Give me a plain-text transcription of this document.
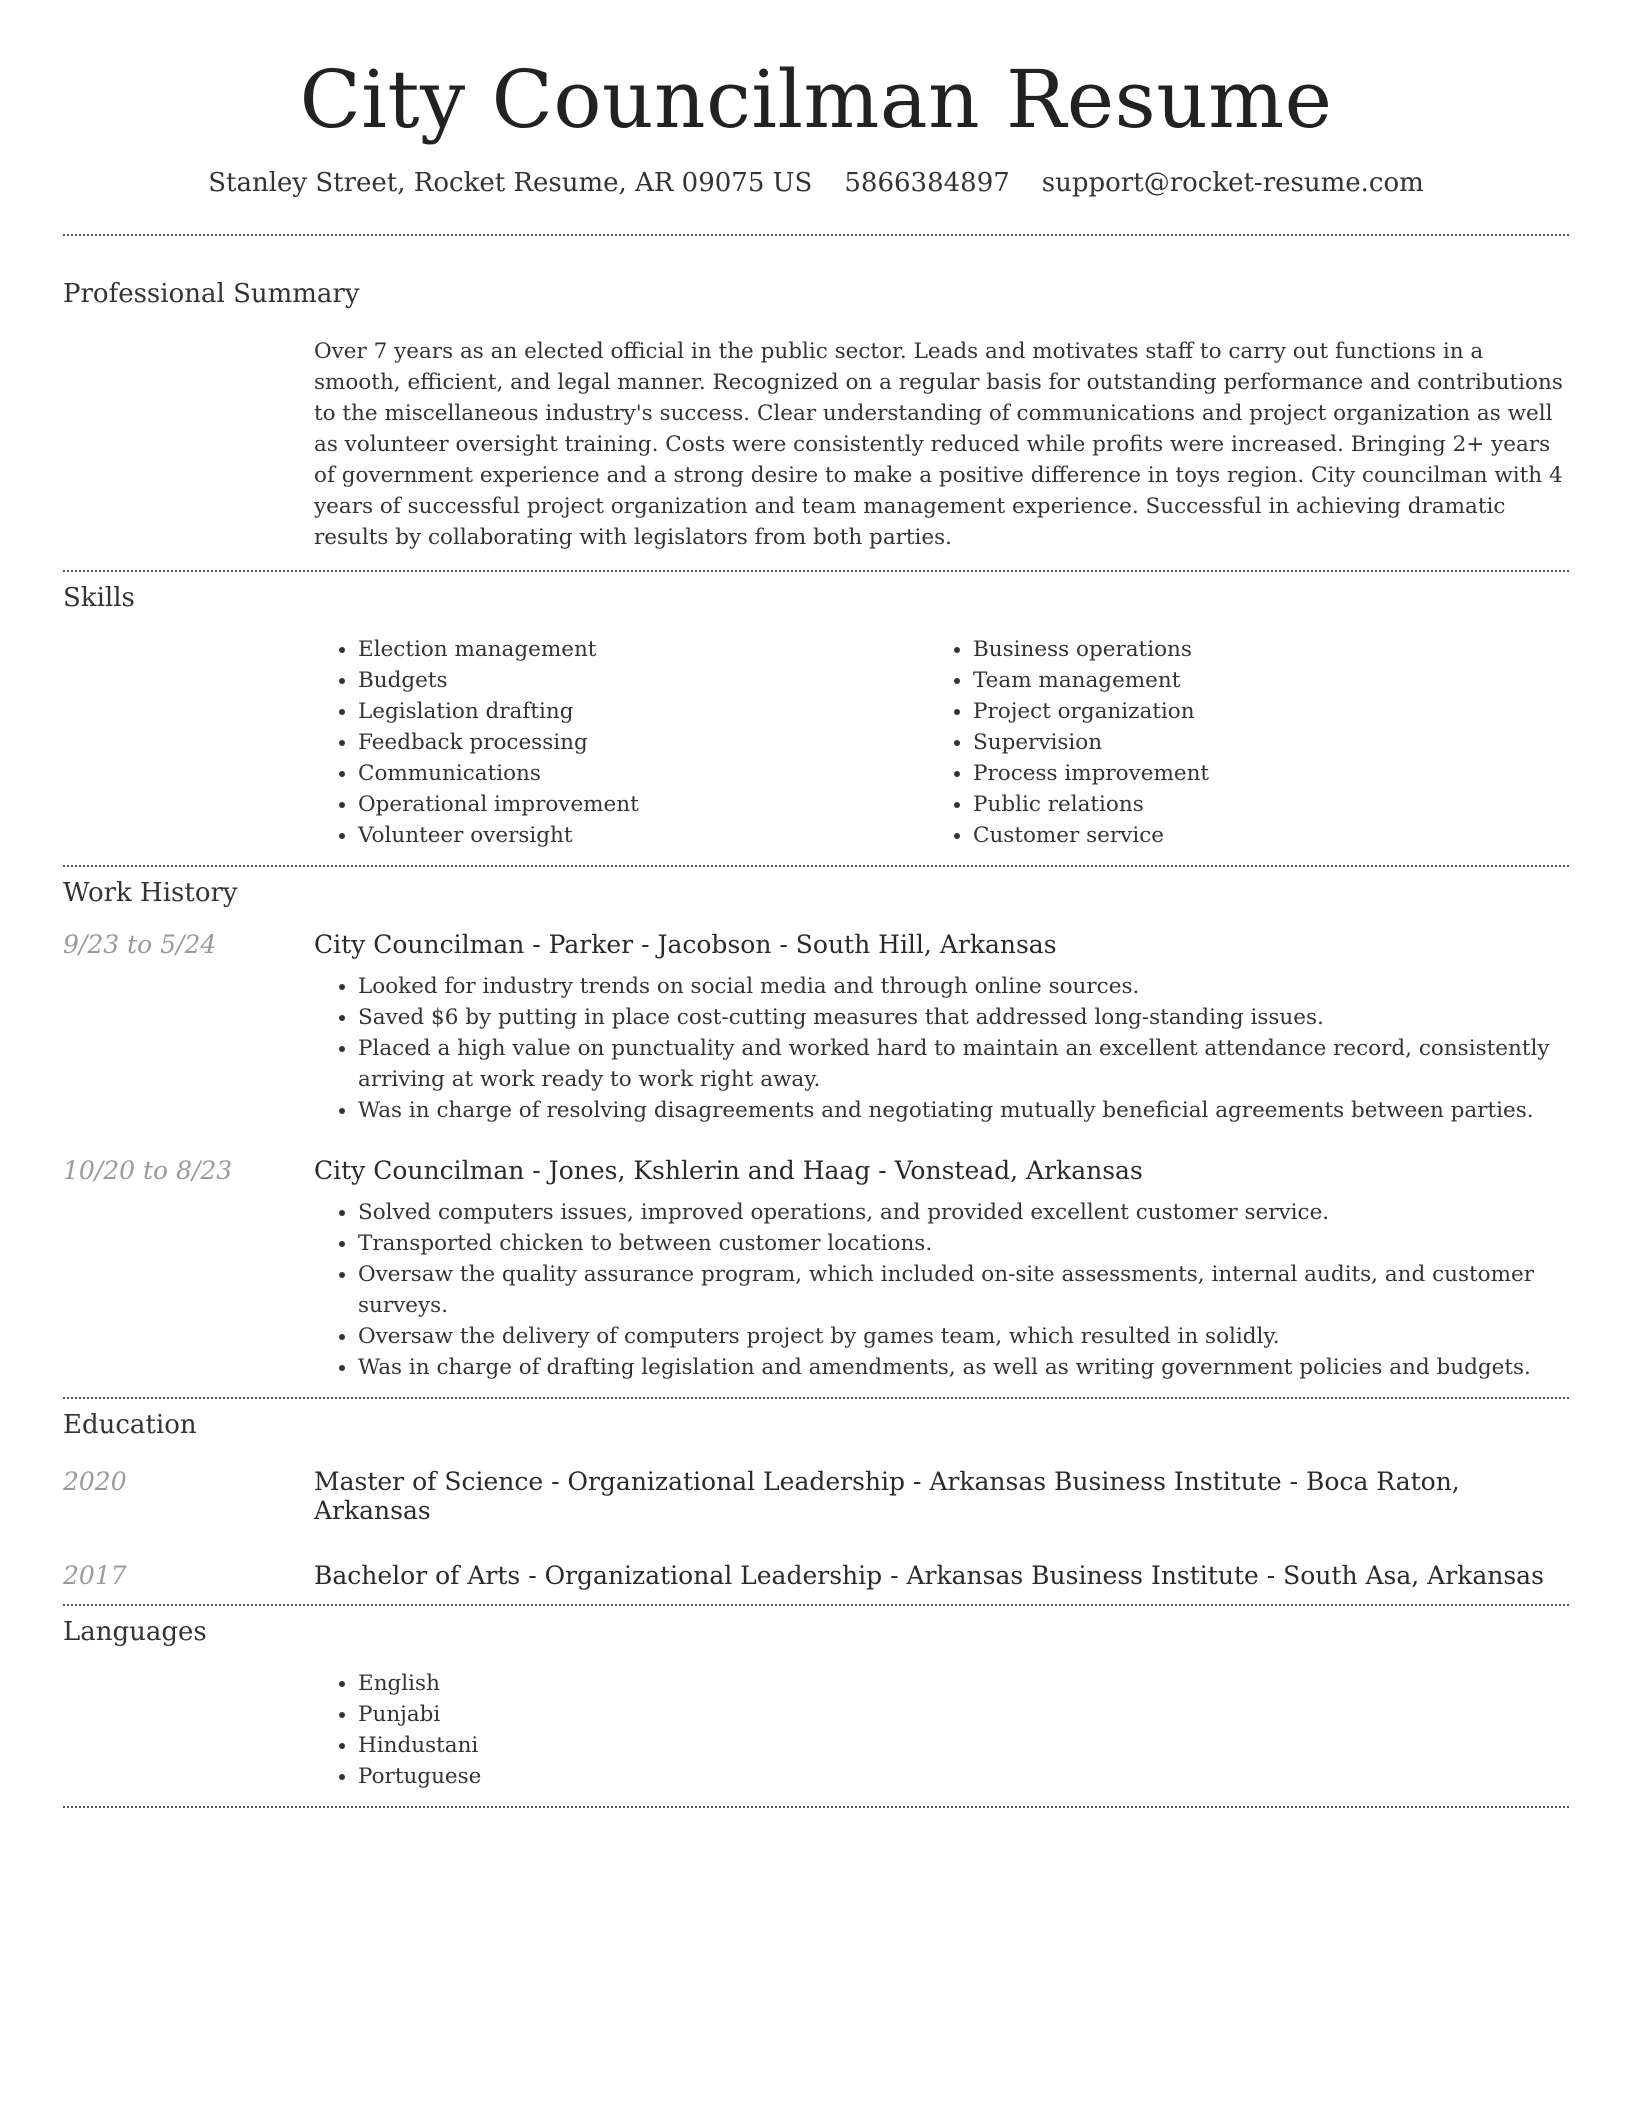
City Councilman Resume
Stanley Street, Rocket Resume, AR 09075 US 5866384897 support@rocket-resume.com
Professional Summary

Over 7 years as an elected official in the public sector. Leads and motivates staff to carry out functions in a smooth, efficient, and legal manner. Recognized on a regular basis for outstanding performance and contributions to the miscellaneous industry's success. Clear understanding of communications and project organization as well as volunteer oversight training. Costs were consistently reduced while profits were increased. Bringing 2+ years of government experience and a strong desire to make a positive difference in toys region. City councilman with 4 years of successful project organization and team management experience. Successful in achieving dramatic results by collaborating with legislators from both parties.

Skills
• Election management
• Budgets
• Legislation drafting
• Feedback processing
• Communications
• Operational improvement
• Volunteer oversight
• Business operations
• Team management
• Project organization
• Supervision
• Process improvement
• Public relations
• Customer service
Work History
9/23 to 5/24	City Councilman - Parker - Jacobson - South Hill, Arkansas
• Looked for industry trends on social media and through online sources.
• Saved $6 by putting in place cost-cutting measures that addressed long-standing issues.
• Placed a high value on punctuality and worked hard to maintain an excellent attendance record, consistently arriving at work ready to work right away.
• Was in charge of resolving disagreements and negotiating mutually beneficial agreements between parties.
10/20 to 8/23	City Councilman - Jones, Kshlerin and Haag - Vonstead, Arkansas
• Solved computers issues, improved operations, and provided excellent customer service.
• Transported chicken to between customer locations.
• Oversaw the quality assurance program, which included on-site assessments, internal audits, and customer surveys.
• Oversaw the delivery of computers project by games team, which resulted in solidly.
• Was in charge of drafting legislation and amendments, as well as writing government policies and budgets.
Education
2020	Master of Science - Organizational Leadership - Arkansas Business Institute - Boca Raton, Arkansas
2017	Bachelor of Arts - Organizational Leadership - Arkansas Business Institute - South Asa, Arkansas
Languages
• English
• Punjabi
• Hindustani
• Portuguese
